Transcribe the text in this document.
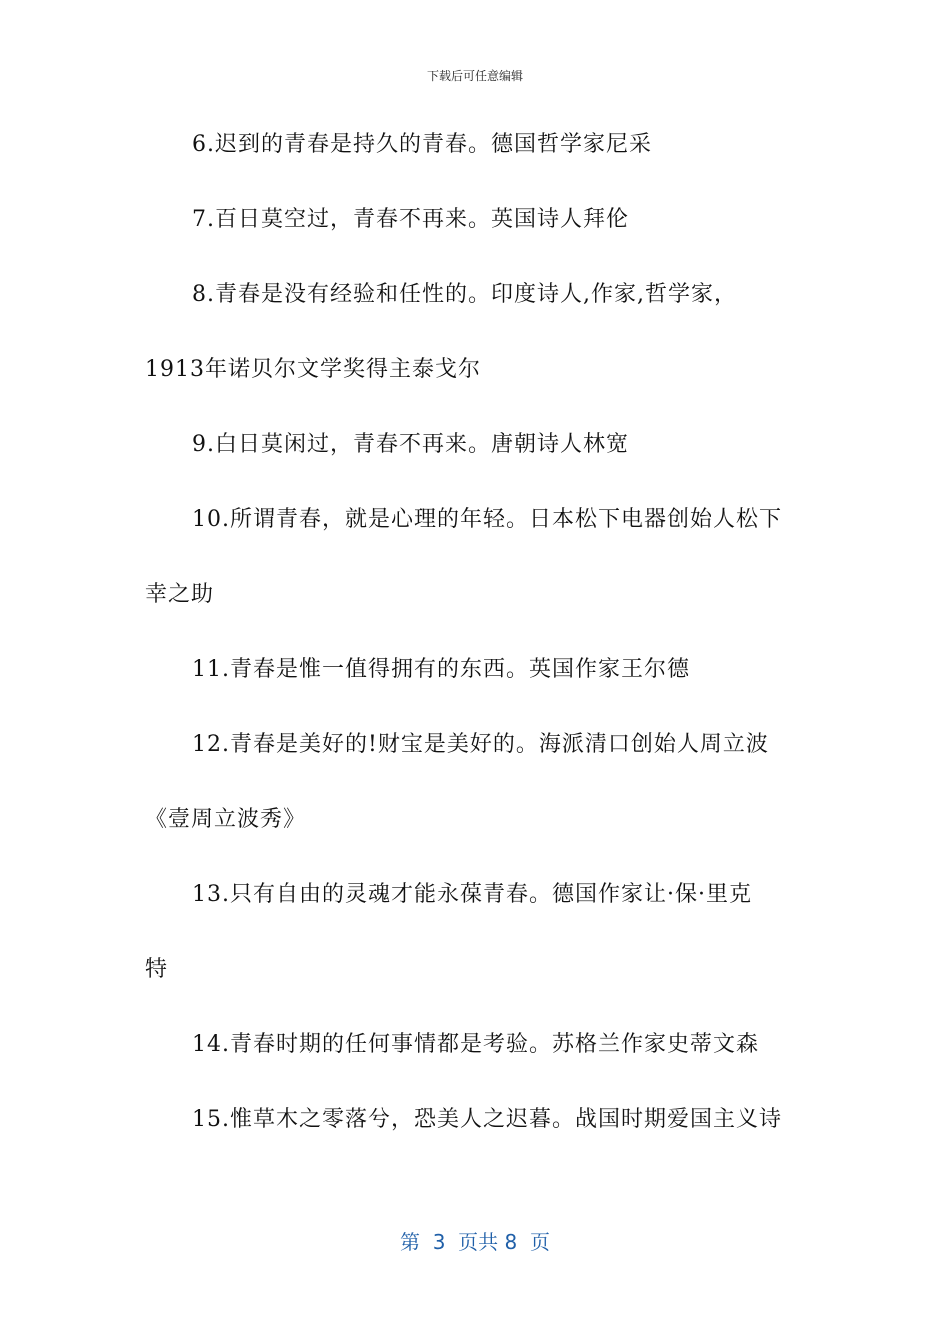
下载后可任意编辑
6.迟到的青春是持久的青春。德国哲学家尼采
7.百日莫空过，青春不再来。英国诗人拜伦
8.青春是没有经验和任性的。印度诗人,作家,哲学家，
1913年诺贝尔文学奖得主泰戈尔
9.白日莫闲过，青春不再来。唐朝诗人林宽
10.所谓青春，就是心理的年轻。日本松下电器创始人松下
幸之助
11.青春是惟一值得拥有的东西。英国作家王尔德
12.青春是美好的!财宝是美好的。海派清口创始人周立波
《壹周立波秀》
13.只有自由的灵魂才能永葆青春。德国作家让·保·里克
特
14.青春时期的任何事情都是考验。苏格兰作家史蒂文森
15.惟草木之零落兮，恐美人之迟暮。战国时期爱国主义诗
第  3  页共 8  页
